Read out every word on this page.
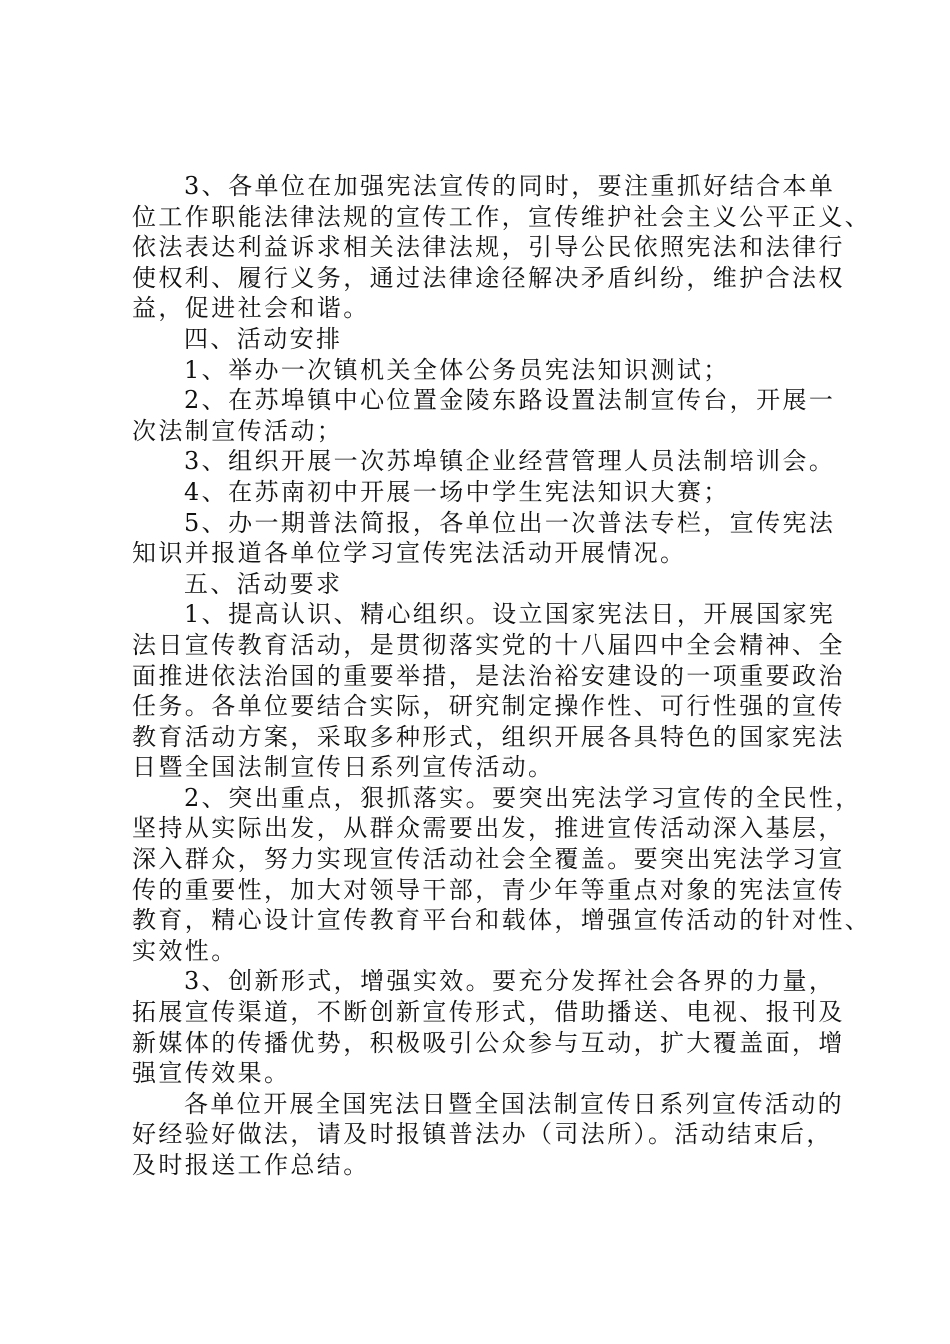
3、各单位在加强宪法宣传的同时，要注重抓好结合本单
位工作职能法律法规的宣传工作，宣传维护社会主义公平正义、
依法表达利益诉求相关法律法规，引导公民依照宪法和法律行
使权利、履行义务，通过法律途径解决矛盾纠纷，维护合法权
益，促进社会和谐。
四、活动安排
1、举办一次镇机关全体公务员宪法知识测试；
2、在苏埠镇中心位置金陵东路设置法制宣传台，开展一
次法制宣传活动；
3、组织开展一次苏埠镇企业经营管理人员法制培训会。
4、在苏南初中开展一场中学生宪法知识大赛；
5、办一期普法简报，各单位出一次普法专栏，宣传宪法
知识并报道各单位学习宣传宪法活动开展情况。
五、活动要求
1、提高认识、精心组织。设立国家宪法日，开展国家宪
法日宣传教育活动，是贯彻落实党的十八届四中全会精神、全
面推进依法治国的重要举措，是法治裕安建设的一项重要政治
任务。各单位要结合实际，研究制定操作性、可行性强的宣传
教育活动方案，采取多种形式，组织开展各具特色的国家宪法
日暨全国法制宣传日系列宣传活动。
2、突出重点，狠抓落实。要突出宪法学习宣传的全民性，
坚持从实际出发，从群众需要出发，推进宣传活动深入基层，
深入群众，努力实现宣传活动社会全覆盖。要突出宪法学习宣
传的重要性，加大对领导干部，青少年等重点对象的宪法宣传
教育，精心设计宣传教育平台和载体，增强宣传活动的针对性、
实效性。
3、创新形式，增强实效。要充分发挥社会各界的力量，
拓展宣传渠道，不断创新宣传形式，借助播送、电视、报刊及
新媒体的传播优势，积极吸引公众参与互动，扩大覆盖面，增
强宣传效果。
各单位开展全国宪法日暨全国法制宣传日系列宣传活动的
好经验好做法，请及时报镇普法办（司法所）。活动结束后，
及时报送工作总结。
